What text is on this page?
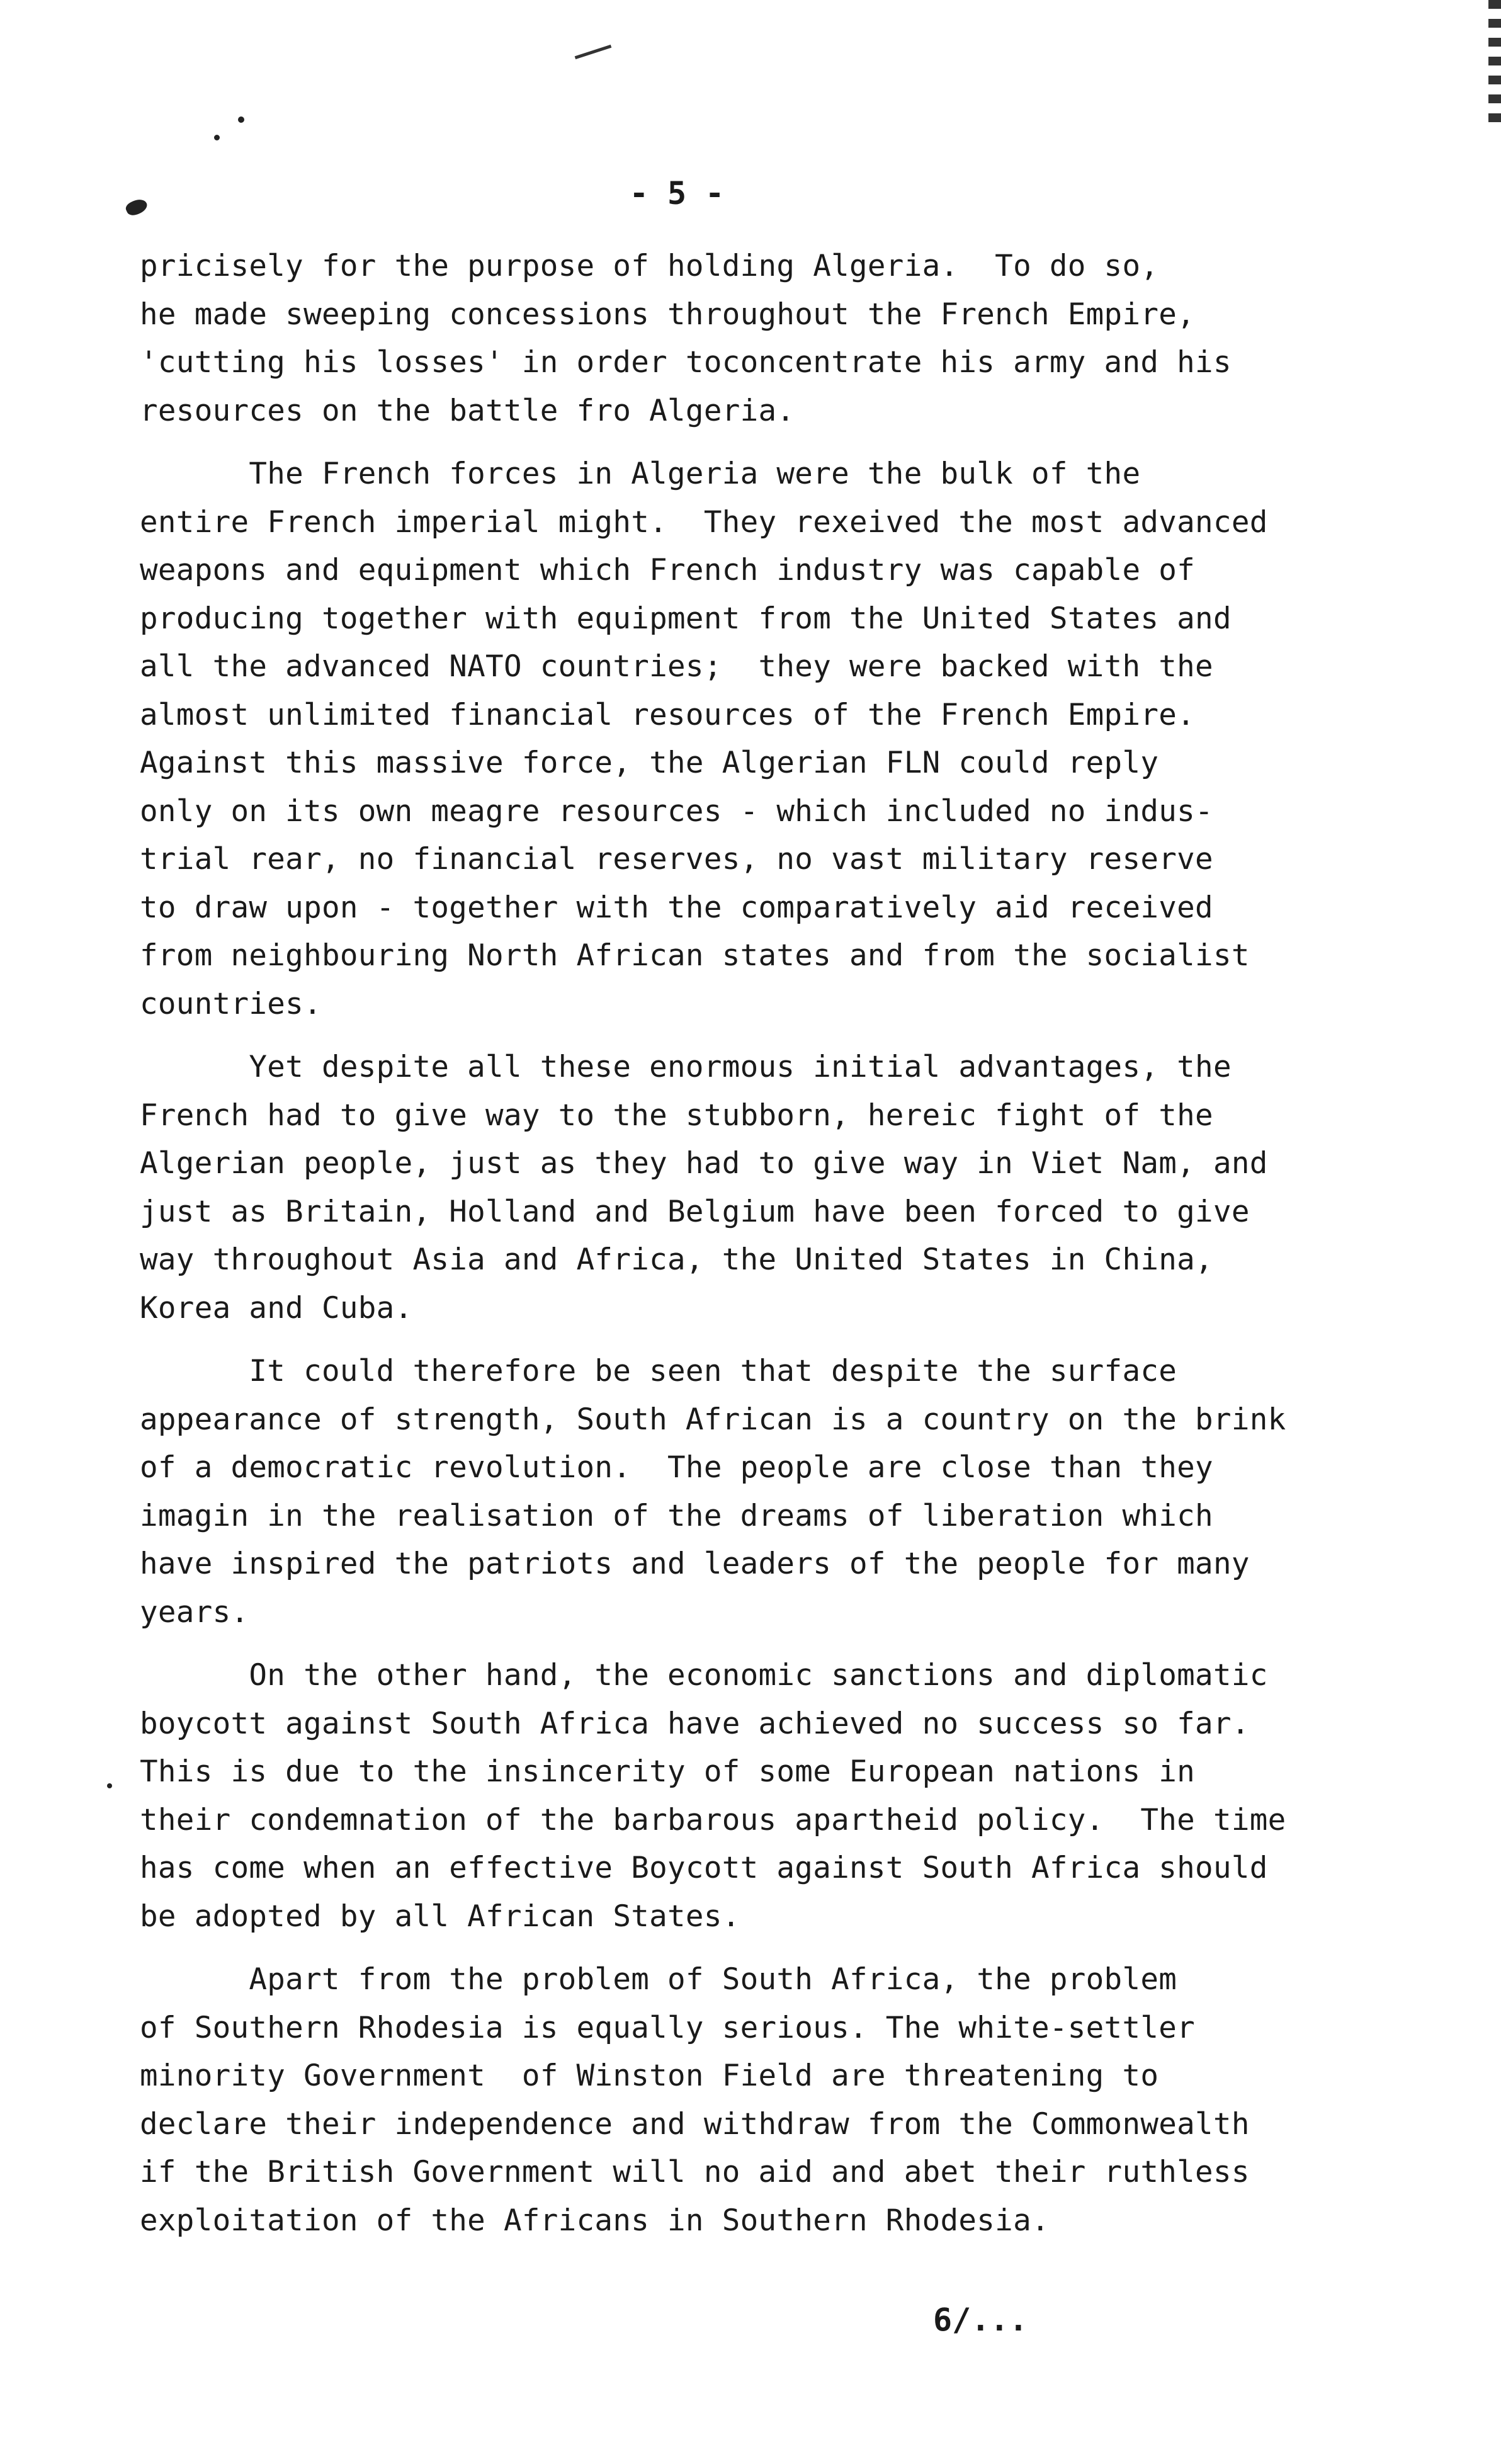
- 5 -
pricisely for the purpose of holding Algeria.  To do so,
he made sweeping concessions throughout the French Empire,
'cutting his losses' in order toconcentrate his army and his
resources on the battle fro Algeria.
The French forces in Algeria were the bulk of the
entire French imperial might.  They rexeived the most advanced
weapons and equipment which French industry was capable of
producing together with equipment from the United States and
all the advanced NATO countries;  they were backed with the
almost unlimited financial resources of the French Empire.
Against this massive force, the Algerian FLN could reply
only on its own meagre resources - which included no indus-
trial rear, no financial reserves, no vast military reserve
to draw upon - together with the comparatively aid received
from neighbouring North African states and from the socialist
countries.
Yet despite all these enormous initial advantages, the
French had to give way to the stubborn, hereic fight of the
Algerian people, just as they had to give way in Viet Nam, and
just as Britain, Holland and Belgium have been forced to give
way throughout Asia and Africa, the United States in China,
Korea and Cuba.
It could therefore be seen that despite the surface
appearance of strength, South African is a country on the brink
of a democratic revolution.  The people are close than they
imagin in the realisation of the dreams of liberation which
have inspired the patriots and leaders of the people for many
years.
On the other hand, the economic sanctions and diplomatic
boycott against South Africa have achieved no success so far.
This is due to the insincerity of some European nations in
their condemnation of the barbarous apartheid policy.  The time
has come when an effective Boycott against South Africa should
be adopted by all African States.
Apart from the problem of South Africa, the problem
of Southern Rhodesia is equally serious. The white-settler
minority Government  of Winston Field are threatening to
declare their independence and withdraw from the Commonwealth
if the British Government will no aid and abet their ruthless
exploitation of the Africans in Southern Rhodesia.
6/...
